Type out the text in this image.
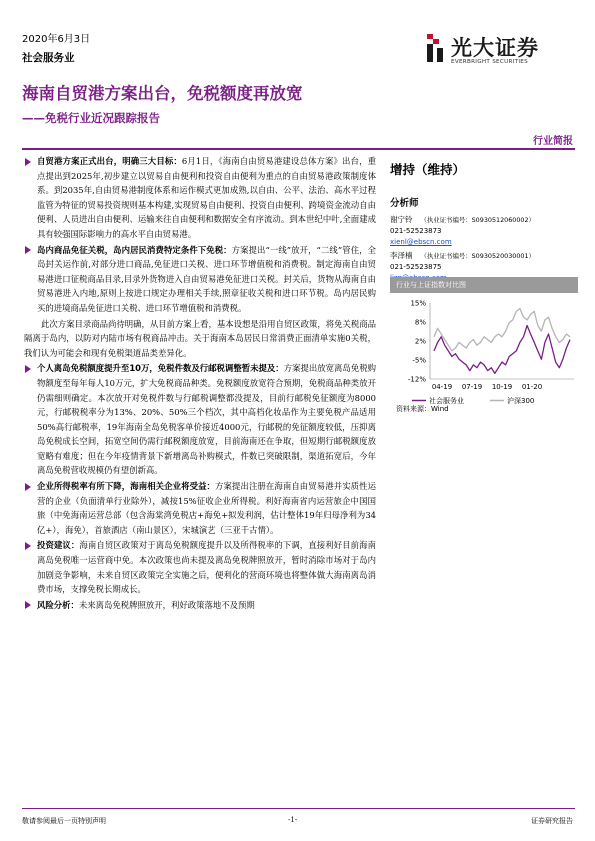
2020年6月3日
社会服务业	光大证券
EVERBRIGHT SECURITIES
海南自贸港方案出台，免税额度再放宽
——免税行业近况跟踪报告
行业简报

自贸港方案正式出台，明确三大目标：6月1日，《海南自由贸易港建设总体方案》出台，重点提出到2025年,初步建立以贸易自由便利和投资自由便利为重点的自由贸易港政策制度体系。到2035年,自由贸易港制度体系和运作模式更加成熟,以自由、公平、法治、高水平过程监管为特征的贸易投资规则基本构建,实现贸易自由便利、投资自由便利、跨境资金流动自由便利、人员进出自由便利、运输来往自由便利和数据安全有序流动。到本世纪中叶,全面建成具有较强国际影响力的高水平自由贸易港。

岛内商品免征关税，岛内居民消费特定条件下免税：方案提出“一线”放开，“二线”管住，全岛封关运作前,对部分进口商品,免征进口关税、进口环节增值税和消费税。制定海南自由贸易港进口征税商品目录,目录外货物进入自由贸易港免征进口关税。封关后，货物从海南自由贸易港进入内地,原则上按进口规定办理相关手续,照章征收关税和进口环节税。岛内居民购买的进境商品免征进口关税、进口环节增值税和消费税。

此次方案目录商品尚待明确，从目前方案上看，基本设想是沿用自贸区政策，将免关税商品隔离于岛内，以防对内陆市场有税商品冲击。关于海南本岛居民日常消费正面清单实施0关税，我们认为可能会和现有免税渠道品类差异化。

个人离岛免税额度提升至10万，免税件数及行邮税调整暂未提及：方案提出放宽离岛免税购物额度至每年每人10万元，扩大免税商品种类。免税额度放宽符合预期，免税商品种类放开仍需细则确定。本次放开对免税件数与行邮税调整都没提及，目前行邮税免征额度为8000元，行邮税税率分为13%、20%、50%三个档次，其中高档化妆品作为主要免税产品适用50%高行邮税率，19年海南全岛免税客单价接近4000元，行邮税的免征额度较低，压抑离岛免税成长空间，拓宽空间仍需行邮税额度放宽，目前海南还在争取，但短期行邮税额度放宽略有难度；但在今年疫情背景下新增离岛补购模式，件数已突破限制，渠道拓宽后，今年离岛免税营收规模仍有望创新高。

企业所得税率有所下降，海南相关企业将受益：方案提出注册在海南自由贸易港并实质性运营的企业（负面清单行业除外），减按15%征收企业所得税。利好海南省内运营旅企中国国旅（中免海南运营总部（包含海棠湾免税店+海免+拟发利润，估计整体19年归母净利为34亿+），海免），首旅酒店（南山景区），宋城演艺（三亚千古情）。

投资建议：海南自贸区政策对于离岛免税额度提升以及所得税率的下调，直接利好目前海南离岛免税唯一运营商中免。本次政策也尚未提及离岛免税牌照放开，暂时消除市场对于岛内加剧竞争影响，未来自贸区政策完全实施之后，便利化的营商环境也将整体做大海南离岛消费市场，支撑免税长期成长。

风险分析：未来离岛免税牌照放开，利好政策落地不及预期

增持（维持）
分析师
谢宁铃 （执业证书编号：S0930512060002）
021-52523873
xienl@ebscn.com
李泽楠 （执业证书编号：S0930520030001）
021-52523875
行业与上证指数对比图
15%
8%
2%
-5%
-12%
04-19 07-19 10-19 01-20
社会服务业	沪深300
资料来源：Wind
敬请参阅最后一页特别声明	-1-	证券研究报告
